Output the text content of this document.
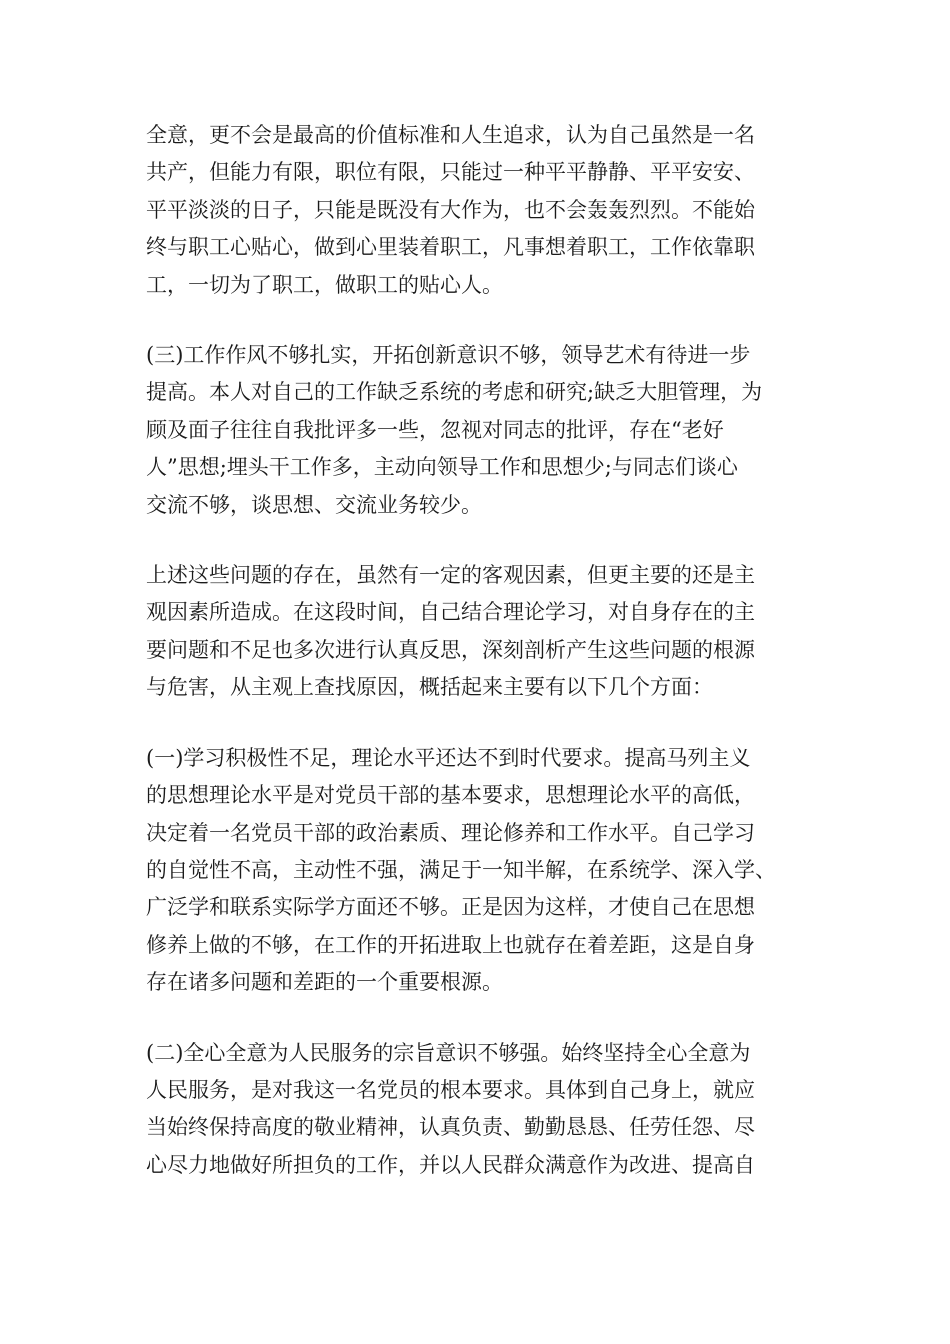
全意，更不会是最高的价值标准和人生追求，认为自己虽然是一名
共产，但能力有限，职位有限，只能过一种平平静静、平平安安、
平平淡淡的日子，只能是既没有大作为，也不会轰轰烈烈。不能始
终与职工心贴心，做到心里装着职工，凡事想着职工，工作依靠职
工，一切为了职工，做职工的贴心人。

(三)工作作风不够扎实，开拓创新意识不够，领导艺术有待进一步
提高。本人对自己的工作缺乏系统的考虑和研究;缺乏大胆管理，为
顾及面子往往自我批评多一些，忽视对同志的批评，存在“老好
人”思想;埋头干工作多，主动向领导工作和思想少;与同志们谈心
交流不够，谈思想、交流业务较少。

上述这些问题的存在，虽然有一定的客观因素，但更主要的还是主
观因素所造成。在这段时间，自己结合理论学习，对自身存在的主
要问题和不足也多次进行认真反思，深刻剖析产生这些问题的根源
与危害，从主观上查找原因，概括起来主要有以下几个方面：

(一)学习积极性不足，理论水平还达不到时代要求。提高马列主义
的思想理论水平是对党员干部的基本要求，思想理论水平的高低，
决定着一名党员干部的政治素质、理论修养和工作水平。自己学习
的自觉性不高，主动性不强，满足于一知半解，在系统学、深入学、
广泛学和联系实际学方面还不够。正是因为这样，才使自己在思想
修养上做的不够，在工作的开拓进取上也就存在着差距，这是自身
存在诸多问题和差距的一个重要根源。

(二)全心全意为人民服务的宗旨意识不够强。始终坚持全心全意为
人民服务，是对我这一名党员的根本要求。具体到自己身上，就应
当始终保持高度的敬业精神，认真负责、勤勤恳恳、任劳任怨、尽
心尽力地做好所担负的工作，并以人民群众满意作为改进、提高自
